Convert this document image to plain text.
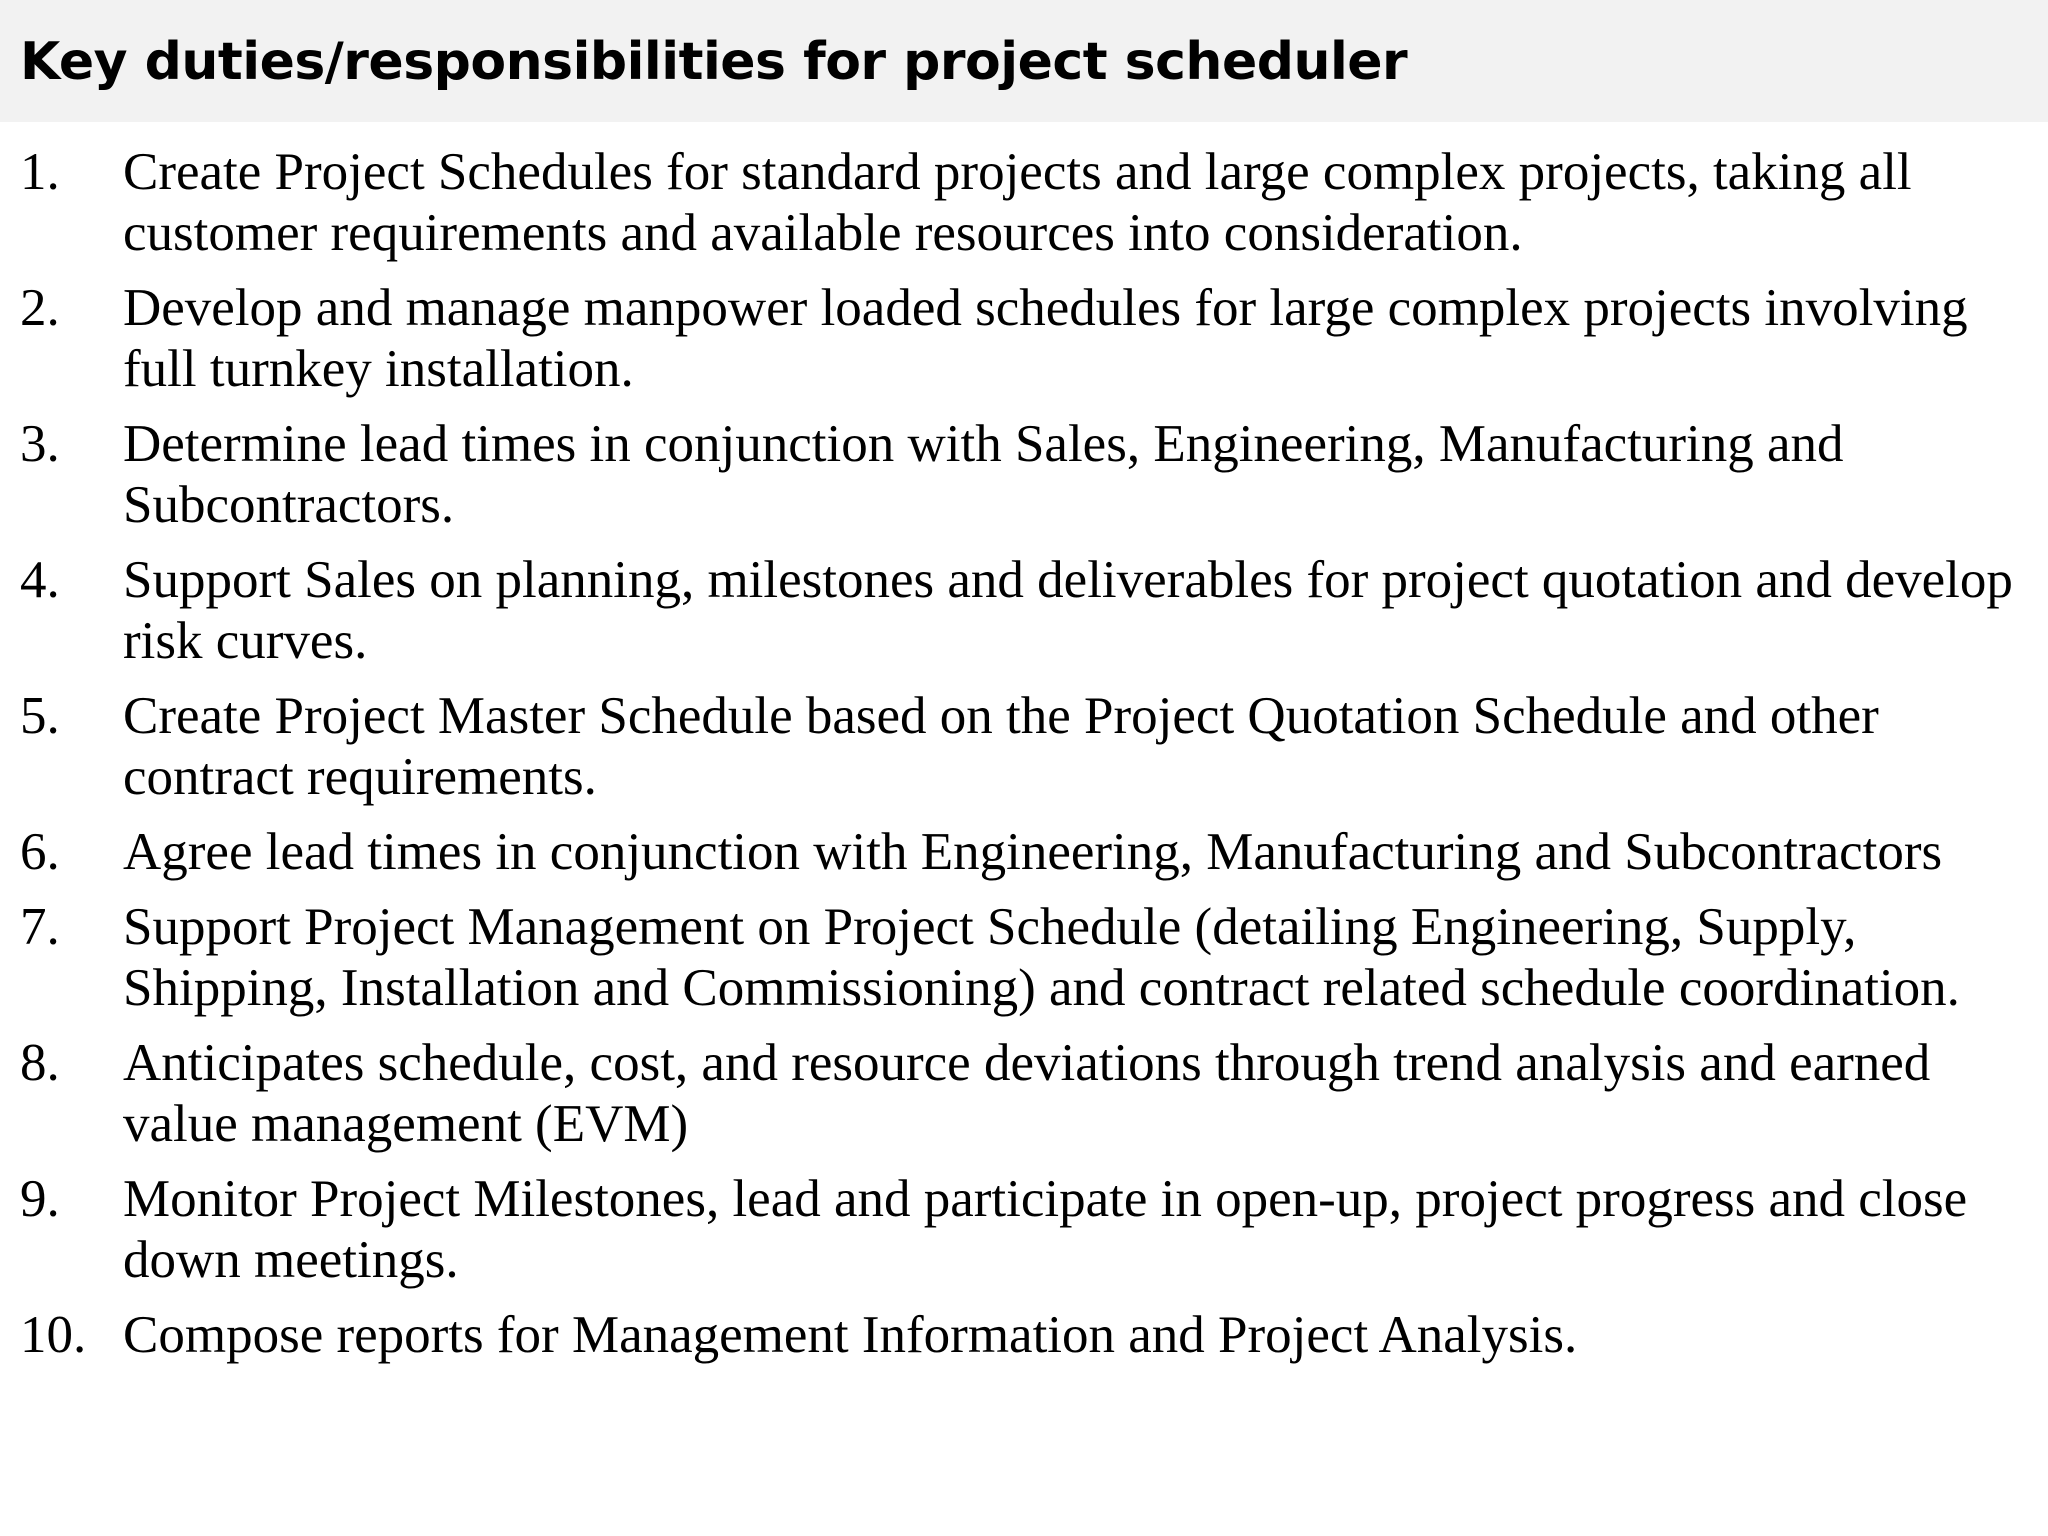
Key duties/responsibilities for project scheduler
1. Create Project Schedules for standard projects and large complex projects, taking all customer requirements and available resources into consideration.
2. Develop and manage manpower loaded schedules for large complex projects involving full turnkey installation.
3. Determine lead times in conjunction with Sales, Engineering, Manufacturing and Subcontractors.
4. Support Sales on planning, milestones and deliverables for project quotation and develop risk curves.
5. Create Project Master Schedule based on the Project Quotation Schedule and other contract requirements.
6. Agree lead times in conjunction with Engineering, Manufacturing and Subcontractors
7. Support Project Management on Project Schedule (detailing Engineering, Supply, Shipping, Installation and Commissioning) and contract related schedule coordination.
8. Anticipates schedule, cost, and resource deviations through trend analysis and earned value management (EVM)
9. Monitor Project Milestones, lead and participate in open-up, project progress and close down meetings.
10. Compose reports for Management Information and Project Analysis.
